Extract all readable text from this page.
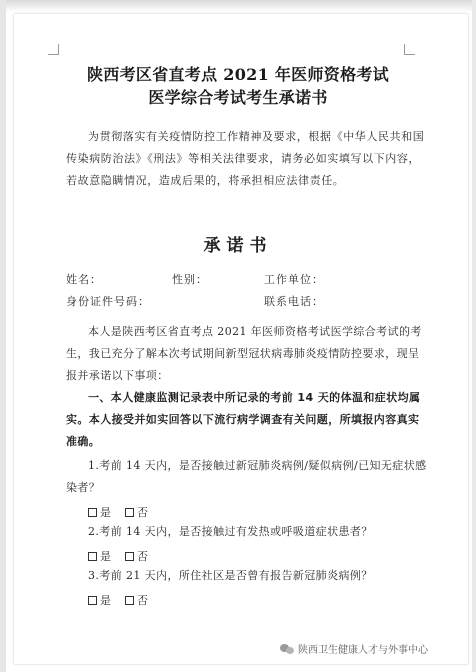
陕西考区省直考点 2021 年医师资格考试
医学综合考试考生承诺书
为贯彻落实有关疫情防控工作精神及要求，根据《中华人民共和国传染病防治法》《刑法》等相关法律要求，请务必如实填写以下内容，若故意隐瞒情况，造成后果的，将承担相应法律责任。
承诺书
姓名：	性别：	工作单位：
身份证件号码：	联系电话：
本人是陕西考区省直考点 2021 年医师资格考试医学综合考试的考生，我已充分了解本次考试期间新型冠状病毒肺炎疫情防控要求，现呈报并承诺以下事项：
一、本人健康监测记录表中所记录的考前 14 天的体温和症状均属实。本人接受并如实回答以下流行病学调查有关问题，所填报内容真实准确。
1.考前 14 天内，是否接触过新冠肺炎病例/疑似病例/已知无症状感染者？
是 否
2.考前 14 天内，是否接触过有发热或呼吸道症状患者？
是 否
3.考前 21 天内，所住社区是否曾有报告新冠肺炎病例？
是 否
陕西卫生健康人才与外事中心
